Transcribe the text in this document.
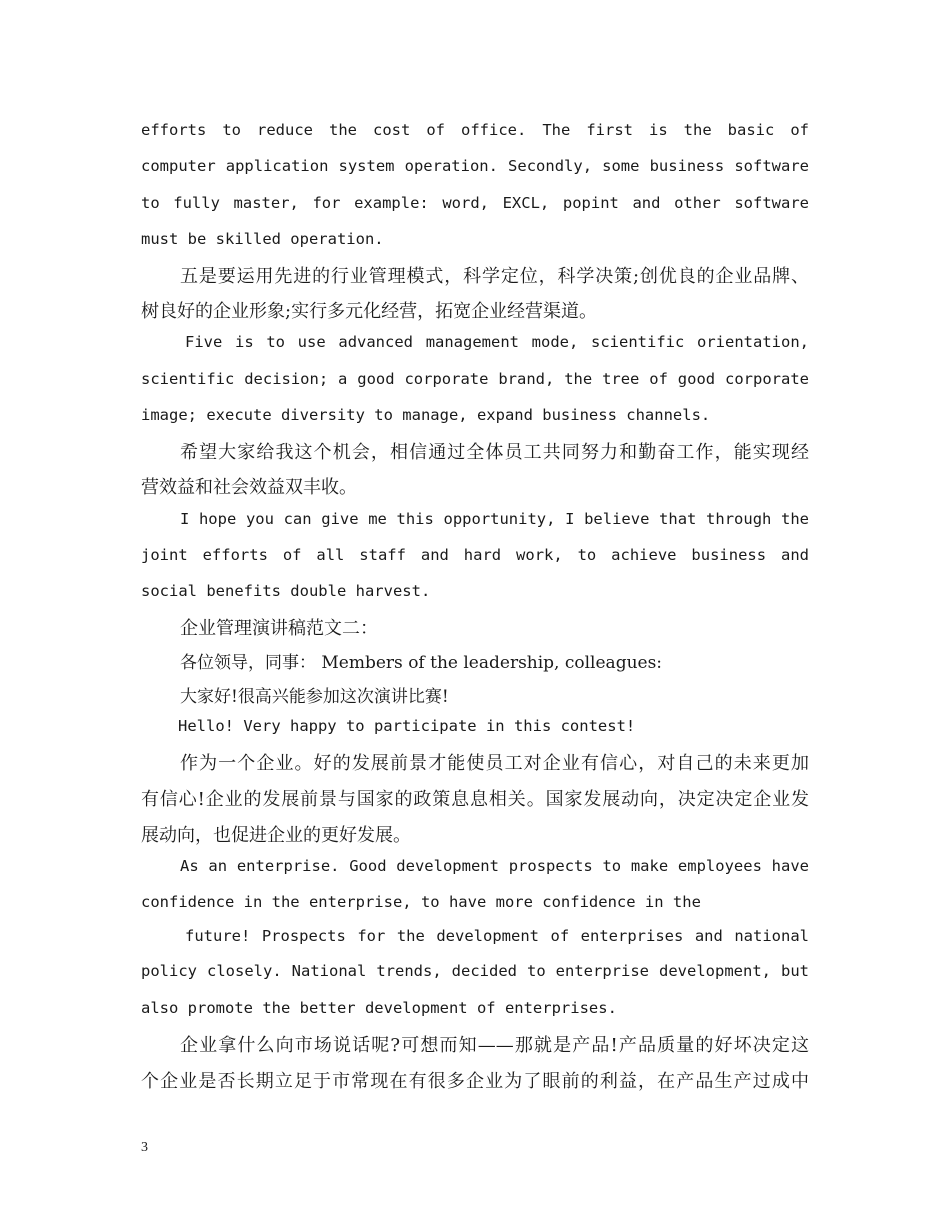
efforts to reduce the cost of office. The first is the basic of
computer application system operation. Secondly, some business software
to fully master, for example: word, EXCL, popint and other software
must be skilled operation.
五是要运用先进的行业管理模式，科学定位，科学决策;创优良的企业品牌、
树良好的企业形象;实行多元化经营，拓宽企业经营渠道。
Five is to use advanced management mode, scientific orientation,
scientific decision; a good corporate brand, the tree of good corporate
image; execute diversity to manage, expand business channels.
希望大家给我这个机会，相信通过全体员工共同努力和勤奋工作，能实现经
营效益和社会效益双丰收。
I hope you can give me this opportunity, I believe that through the
joint efforts of all staff and hard work, to achieve business and
social benefits double harvest.
企业管理演讲稿范文二：
各位领导，同事： Members of the leadership, colleagues:
大家好!很高兴能参加这次演讲比赛!
Hello! Very happy to participate in this contest!
作为一个企业。好的发展前景才能使员工对企业有信心，对自己的未来更加
有信心!企业的发展前景与国家的政策息息相关。国家发展动向，决定决定企业发
展动向，也促进企业的更好发展。
As an enterprise. Good development prospects to make employees have
confidence in the enterprise, to have more confidence in the
future! Prospects for the development of enterprises and national
policy closely. National trends, decided to enterprise development, but
also promote the better development of enterprises.
企业拿什么向市场说话呢?可想而知——那就是产品!产品质量的好坏决定这
个企业是否长期立足于市常现在有很多企业为了眼前的利益，在产品生产过成中
3
